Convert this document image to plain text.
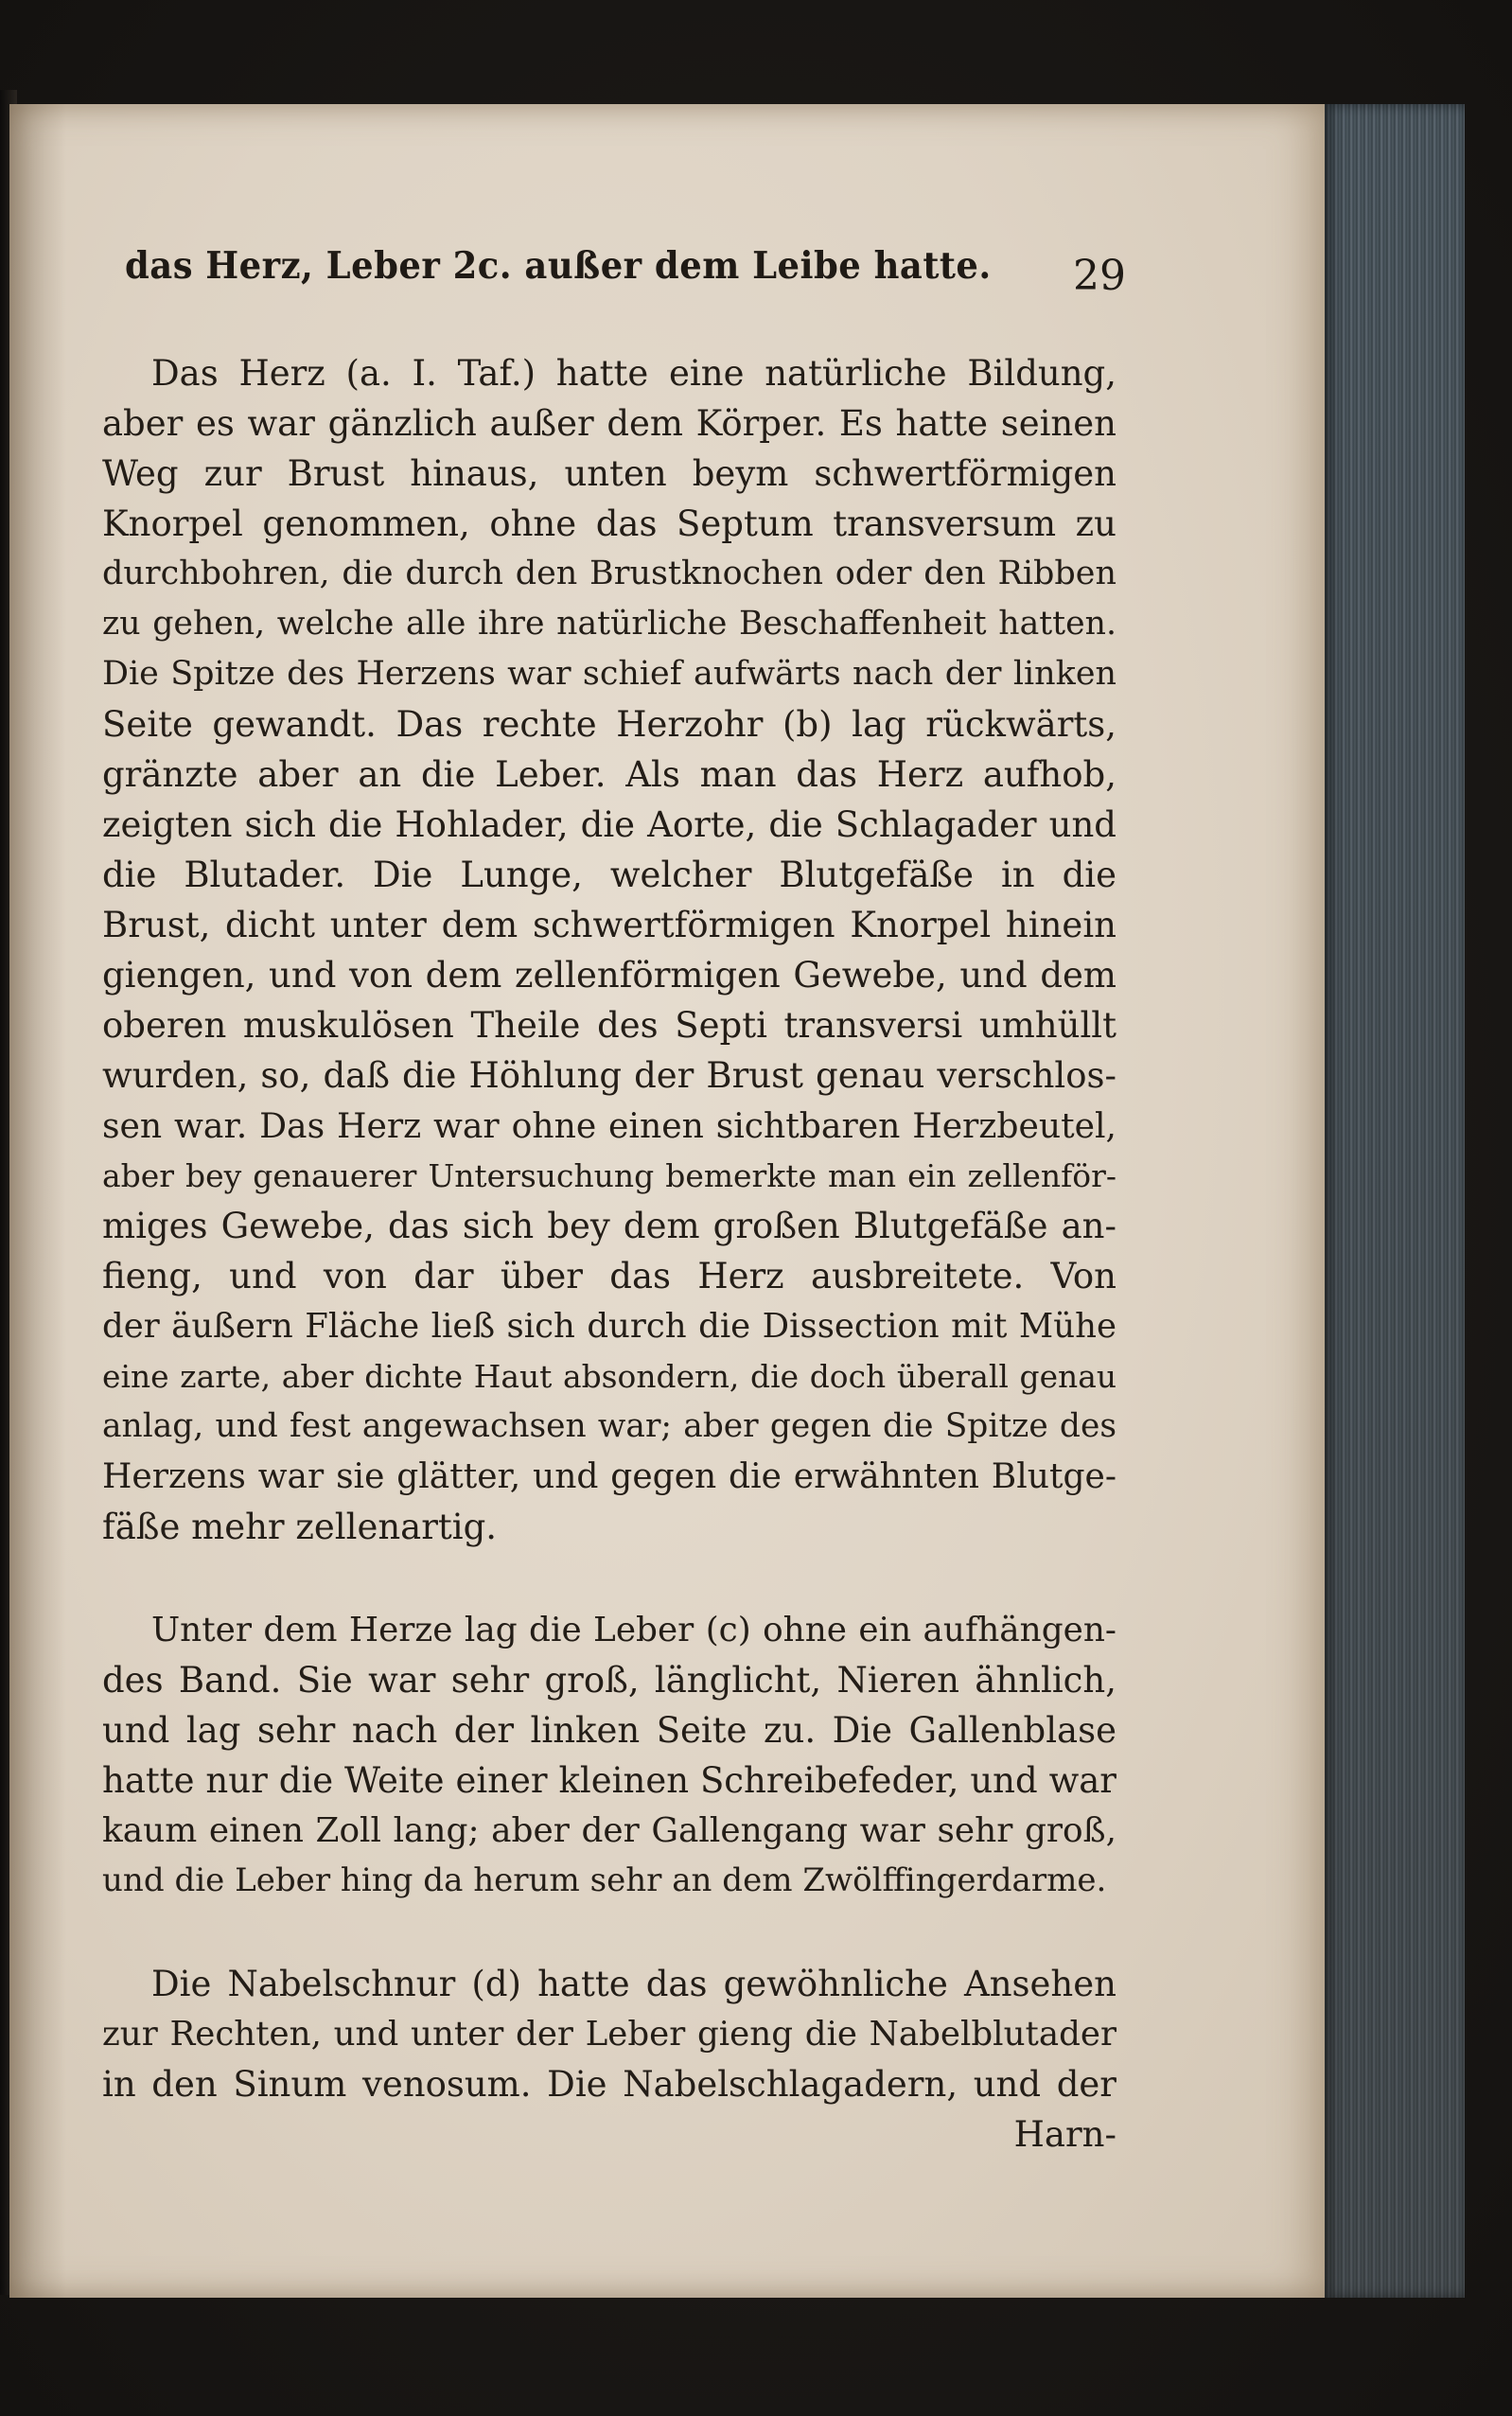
das Herz, Leber 2c. außer dem Leibe hatte. 29
Das Herz (a. I. Taf.) hatte eine natürliche Bildung,
aber es war gänzlich außer dem Körper. Es hatte seinen
Weg zur Brust hinaus, unten beym schwertförmigen
Knorpel genommen, ohne das Septum transversum zu
durchbohren, die durch den Brustknochen oder den Ribben
zu gehen, welche alle ihre natürliche Beschaffenheit hatten.
Die Spitze des Herzens war schief aufwärts nach der linken
Seite gewandt. Das rechte Herzohr (b) lag rückwärts,
gränzte aber an die Leber. Als man das Herz aufhob,
zeigten sich die Hohlader, die Aorte, die Schlagader und
die Blutader. Die Lunge, welcher Blutgefäße in die
Brust, dicht unter dem schwertförmigen Knorpel hinein
giengen, und von dem zellenförmigen Gewebe, und dem
oberen muskulösen Theile des Septi transversi umhüllt
wurden, so, daß die Höhlung der Brust genau verschlos-
sen war. Das Herz war ohne einen sichtbaren Herzbeutel,
aber bey genauerer Untersuchung bemerkte man ein zellenför-
miges Gewebe, das sich bey dem großen Blutgefäße an-
fieng, und von dar über das Herz ausbreitete. Von
der äußern Fläche ließ sich durch die Dissection mit Mühe
eine zarte, aber dichte Haut absondern, die doch überall genau
anlag, und fest angewachsen war; aber gegen die Spitze des
Herzens war sie glätter, und gegen die erwähnten Blutge-
fäße mehr zellenartig.
Unter dem Herze lag die Leber (c) ohne ein aufhängen-
des Band. Sie war sehr groß, länglicht, Nieren ähnlich,
und lag sehr nach der linken Seite zu. Die Gallenblase
hatte nur die Weite einer kleinen Schreibefeder, und war
kaum einen Zoll lang; aber der Gallengang war sehr groß,
und die Leber hing da herum sehr an dem Zwölffingerdarme.
Die Nabelschnur (d) hatte das gewöhnliche Ansehen
zur Rechten, und unter der Leber gieng die Nabelblutader
in den Sinum venosum. Die Nabelschlagadern, und der
Harn-
